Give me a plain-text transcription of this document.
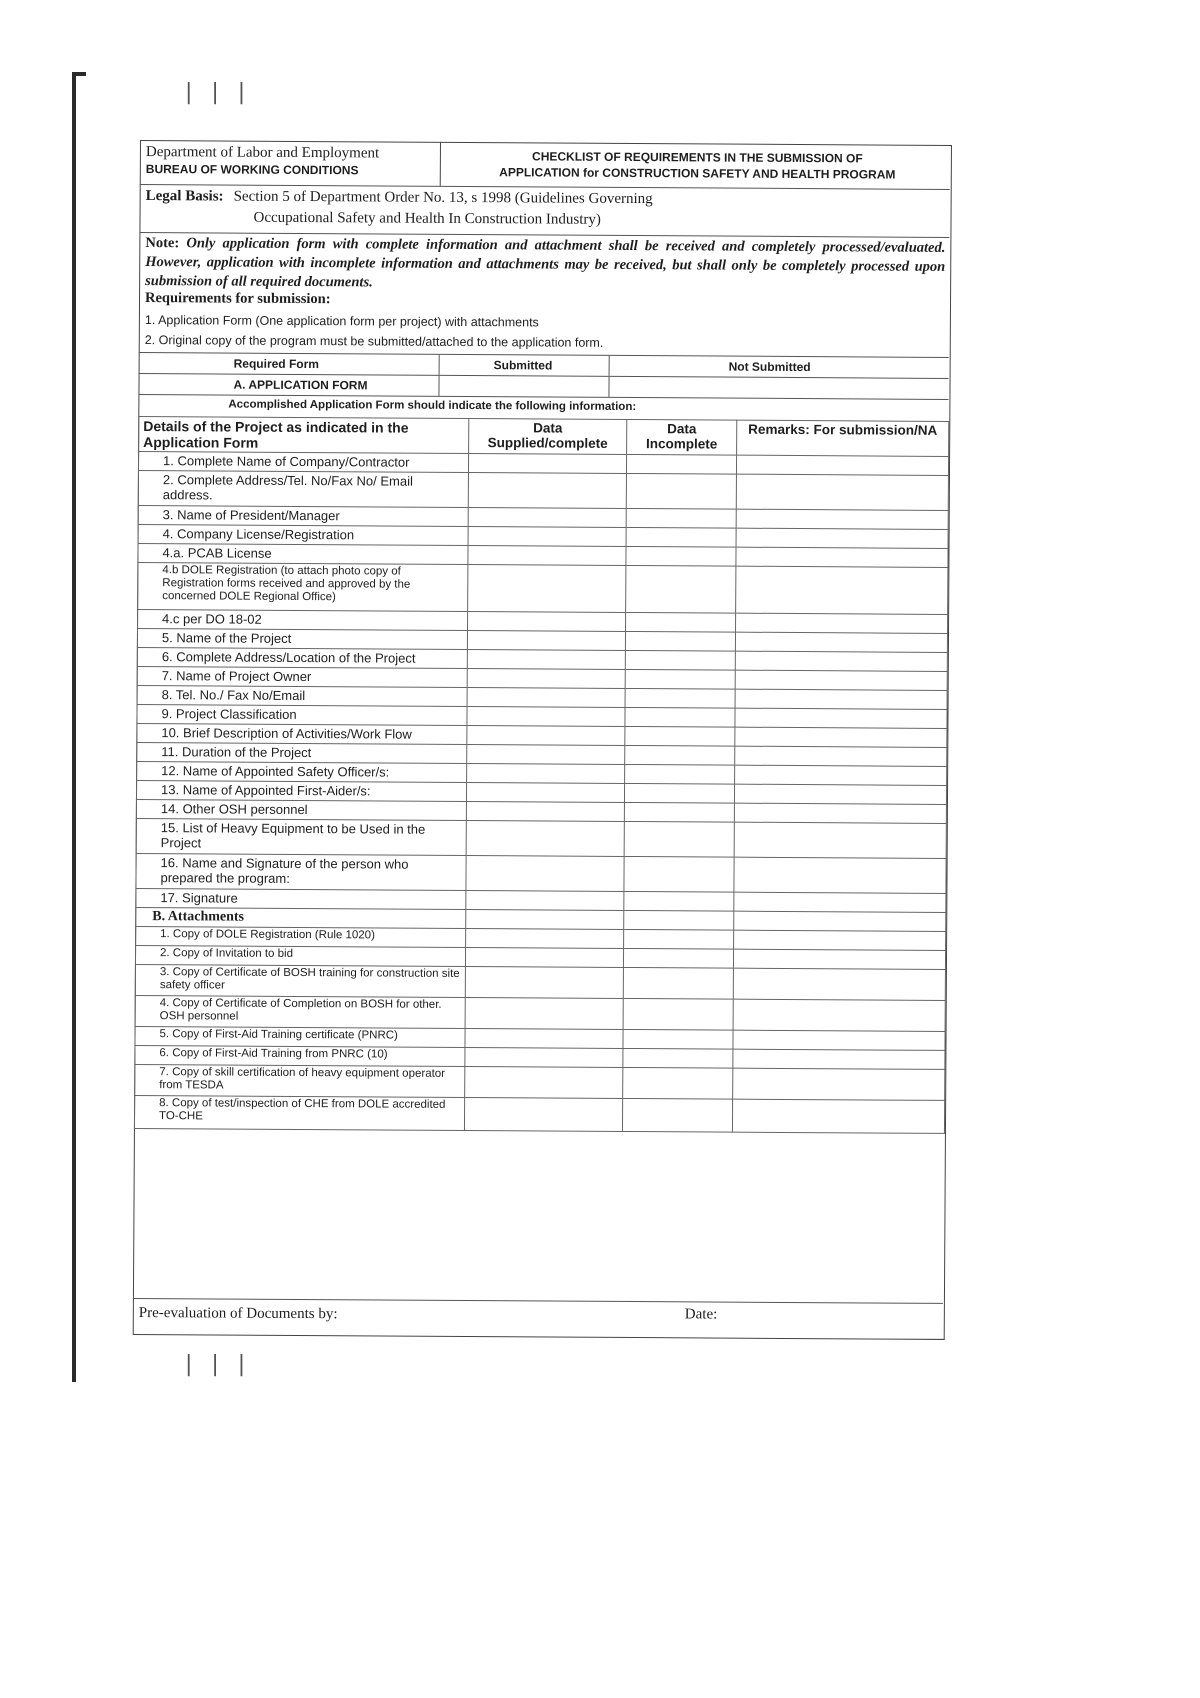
| | |
| | |
Department of Labor and Employment
BUREAU OF WORKING CONDITIONS
CHECKLIST OF REQUIREMENTS IN THE SUBMISSION OF
APPLICATION for CONSTRUCTION SAFETY AND HEALTH PROGRAM
Legal Basis: Section 5 of Department Order No. 13, s 1998 (Guidelines Governing
Occupational Safety and Health In Construction Industry)
Note: Only application form with complete information and attachment shall be received and completely processed/evaluated. However, application with incomplete information and attachments may be received, but shall only be completely processed upon submission of all required documents.
Requirements for submission:
1. Application Form (One application form per project) with attachments
2. Original copy of the program must be submitted/attached to the application form.
Required Form	Submitted	Not Submitted
A. APPLICATION FORM
Accomplished Application Form should indicate the following information:
Details of the Project as indicated in the Application Form	Data Supplied/complete	Data Incomplete	Remarks: For submission/NA
1. Complete Name of Company/Contractor			
2. Complete Address/Tel. No/Fax No/ Email address.			
3. Name of President/Manager			
4. Company License/Registration			
4.a. PCAB License			
4.b DOLE Registration (to attach photo copy of Registration forms received and approved by the concerned DOLE Regional Office)			
4.c per DO 18-02			
5. Name of the Project			
6. Complete Address/Location of the Project			
7. Name of Project Owner			
8. Tel. No./ Fax No/Email			
9. Project Classification			
10. Brief Description of Activities/Work Flow			
11. Duration of the Project			
12. Name of Appointed Safety Officer/s:			
13. Name of Appointed First-Aider/s:			
14. Other OSH personnel			
15. List of Heavy Equipment to be Used in the Project			
16. Name and Signature of the person who prepared the program:			
17. Signature			
B. Attachments			
1. Copy of DOLE Registration (Rule 1020)			
2. Copy of Invitation to bid			
3. Copy of Certificate of BOSH training for construction site safety officer			
4. Copy of Certificate of Completion on BOSH for other. OSH personnel			
5. Copy of First-Aid Training certificate (PNRC)			
6. Copy of First-Aid Training from PNRC (10)			
7. Copy of skill certification of heavy equipment operator from TESDA			
8. Copy of test/inspection of CHE from DOLE accredited TO-CHE			
Pre-evaluation of Documents by:	Date:
